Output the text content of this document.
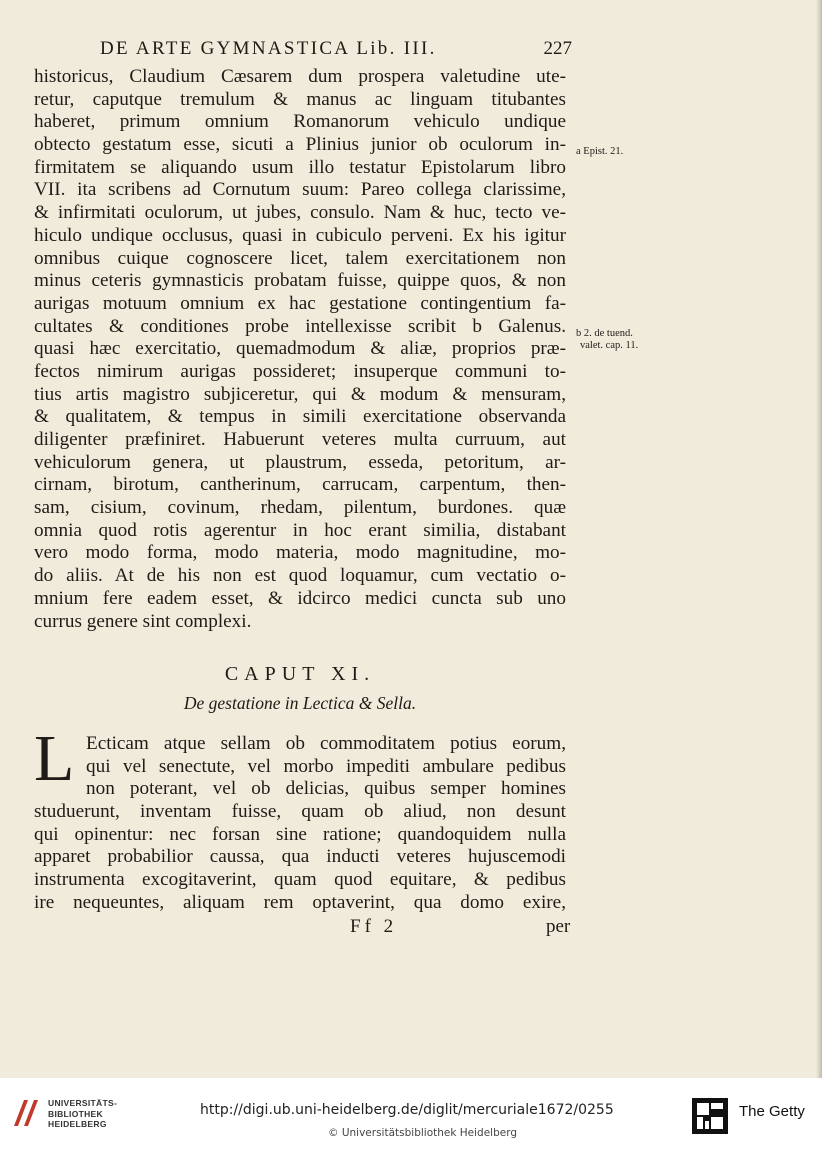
DE ARTE GYMNASTICA Lib. III.	227
historicus, Claudium Cæsarem dum prospera valetudine ute-
retur, caputque tremulum & manus ac linguam titubantes
haberet, primum omnium Romanorum vehiculo undique
obtecto gestatum esse, sicuti a Plinius junior ob oculorum in-
firmitatem se aliquando usum illo testatur Epistolarum libro
VII. ita scribens ad Cornutum suum: Pareo collega clarissime,
& infirmitati oculorum, ut jubes, consulo. Nam & huc, tecto ve-
hiculo undique occlusus, quasi in cubiculo perveni. Ex his igitur
omnibus cuique cognoscere licet, talem exercitationem non
minus ceteris gymnasticis probatam fuisse, quippe quos, & non
aurigas motuum omnium ex hac gestatione contingentium fa-
cultates & conditiones probe intellexisse scribit b Galenus.
quasi hæc exercitatio, quemadmodum & aliæ, proprios præ-
fectos nimirum aurigas possideret; insuperque communi to-
tius artis magistro subjiceretur, qui & modum & mensuram,
& qualitatem, & tempus in simili exercitatione observanda
diligenter præfiniret. Habuerunt veteres multa curruum, aut
vehiculorum genera, ut plaustrum, esseda, petoritum, ar-
cirnam, birotum, cantherinum, carrucam, carpentum, then-
sam, cisium, covinum, rhedam, pilentum, burdones. quæ
omnia quod rotis agerentur in hoc erant similia, distabant
vero modo forma, modo materia, modo magnitudine, mo-
do aliis. At de his non est quod loquamur, cum vectatio o-
mnium fere eadem esset, & idcirco medici cuncta sub uno
currus genere sint complexi.
a Epist. 21.
b 2. de tuend.
valet. cap. 11.
CAPUT XI.
De gestatione in Lectica & Sella.
L Ecticam atque sellam ob commoditatem potius eorum,
qui vel senectute, vel morbo impediti ambulare pedibus
non poterant, vel ob delicias, quibus semper homines
studuerunt, inventam fuisse, quam ob aliud, non desunt
qui opinentur: nec forsan sine ratione; quandoquidem nulla
apparet probabilior caussa, qua inducti veteres hujuscemodi
instrumenta excogitaverint, quam quod equitare, & pedibus
ire nequeuntes, aliquam rem optaverint, qua domo exire,
Ff 2	per
UNIVERSITÄTS-
BIBLIOTHEK
HEIDELBERG
http://digi.ub.uni-heidelberg.de/diglit/mercuriale1672/0255
© Universitätsbibliothek Heidelberg
The Getty
